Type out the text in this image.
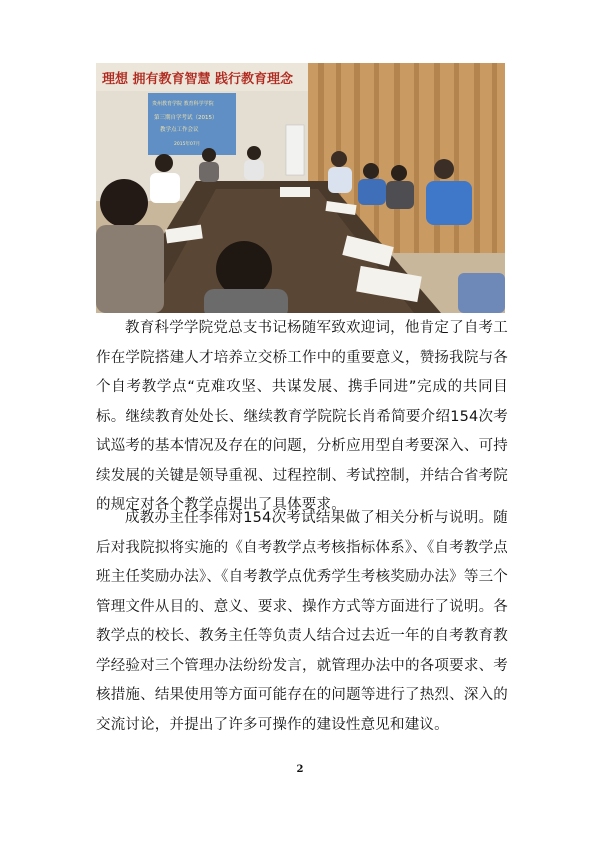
理想 拥有教育智慧 践行教育理念
贵州教育学院 教育科学学院
第三期自学考试（2015）
教学点工作会议
2015年07月

教育科学学院党总支书记杨随军致欢迎词，他肯定了自考工作在学院搭建人才培养立交桥工作中的重要意义，赞扬我院与各个自考教学点“克难攻坚、共谋发展、携手同进”完成的共同目标。继续教育处处长、继续教育学院院长肖希简要介绍154次考试巡考的基本情况及存在的问题，分析应用型自考要深入、可持续发展的关键是领导重视、过程控制、考试控制，并结合省考院的规定对各个教学点提出了具体要求。

成教办主任李伟对154次考试结果做了相关分析与说明。随后对我院拟将实施的《自考教学点考核指标体系》、《自考教学点班主任奖励办法》、《自考教学点优秀学生考核奖励办法》等三个管理文件从目的、意义、要求、操作方式等方面进行了说明。各教学点的校长、教务主任等负责人结合过去近一年的自考教育教学经验对三个管理办法纷纷发言，就管理办法中的各项要求、考核措施、结果使用等方面可能存在的问题等进行了热烈、深入的交流讨论，并提出了许多可操作的建设性意见和建议。

2
